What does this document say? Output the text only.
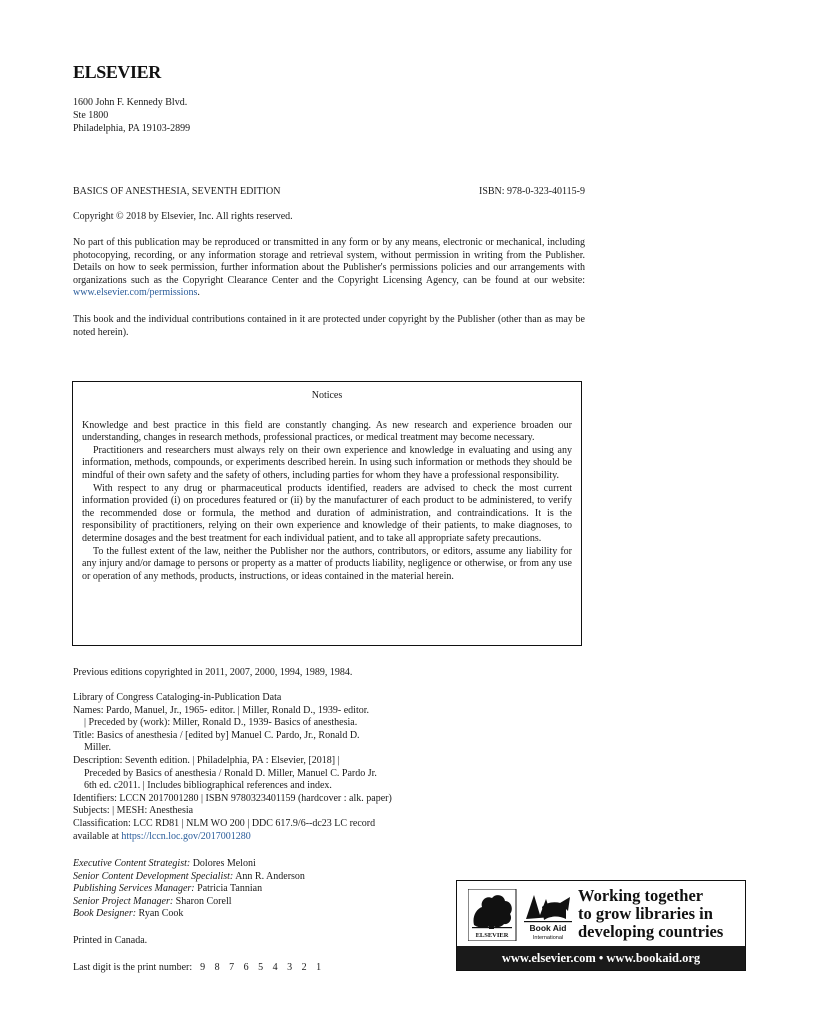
ELSEVIER
1600 John F. Kennedy Blvd.
Ste 1800
Philadelphia, PA 19103-2899
BASICS OF ANESTHESIA, SEVENTH EDITION	ISBN: 978-0-323-40115-9
Copyright © 2018 by Elsevier, Inc. All rights reserved.
No part of this publication may be reproduced or transmitted in any form or by any means, electronic or mechanical, including photocopying, recording, or any information storage and retrieval system, without permission in writing from the Publisher. Details on how to seek permission, further information about the Publisher's permissions policies and our arrangements with organizations such as the Copyright Clearance Center and the Copyright Licensing Agency, can be found at our website: www.elsevier.com/permissions.
This book and the individual contributions contained in it are protected under copyright by the Publisher (other than as may be noted herein).
Notices

Knowledge and best practice in this field are constantly changing. As new research and experience broaden our understanding, changes in research methods, professional practices, or medical treatment may become necessary.

Practitioners and researchers must always rely on their own experience and knowledge in evaluating and using any information, methods, compounds, or experiments described herein. In using such information or methods they should be mindful of their own safety and the safety of others, including parties for whom they have a professional responsibility.

With respect to any drug or pharmaceutical products identified, readers are advised to check the most current information provided (i) on procedures featured or (ii) by the manufacturer of each product to be administered, to verify the recommended dose or formula, the method and duration of administration, and contraindications. It is the responsibility of practitioners, relying on their own experience and knowledge of their patients, to make diagnoses, to determine dosages and the best treatment for each individual patient, and to take all appropriate safety precautions.

To the fullest extent of the law, neither the Publisher nor the authors, contributors, or editors, assume any liability for any injury and/or damage to persons or property as a matter of products liability, negligence or otherwise, or from any use or operation of any methods, products, instructions, or ideas contained in the material herein.

Previous editions copyrighted in 2011, 2007, 2000, 1994, 1989, 1984.
Library of Congress Cataloging-in-Publication Data
Names: Pardo, Manuel, Jr., 1965- editor. | Miller, Ronald D., 1939- editor.
| Preceded by (work): Miller, Ronald D., 1939- Basics of anesthesia.
Title: Basics of anesthesia / [edited by] Manuel C. Pardo, Jr., Ronald D.
Miller.
Description: Seventh edition. | Philadelphia, PA : Elsevier, [2018] |
Preceded by Basics of anesthesia / Ronald D. Miller, Manuel C. Pardo Jr.
6th ed. c2011. | Includes bibliographical references and index.
Identifiers: LCCN 2017001280 | ISBN 9780323401159 (hardcover : alk. paper)
Subjects: | MESH: Anesthesia
Classification: LCC RD81 | NLM WO 200 | DDC 617.9/6--dc23 LC record
available at https://lccn.loc.gov/2017001280
Executive Content Strategist: Dolores Meloni
Senior Content Development Specialist: Ann R. Anderson
Publishing Services Manager: Patricia Tannian
Senior Project Manager: Sharon Corell
Book Designer: Ryan Cook
Printed in Canada.
Last digit is the print number: 9 8 7 6 5 4 3 2 1
ELSEVIER
Book Aid
International
Working together
to grow libraries in
developing countries
www.elsevier.com • www.bookaid.org
